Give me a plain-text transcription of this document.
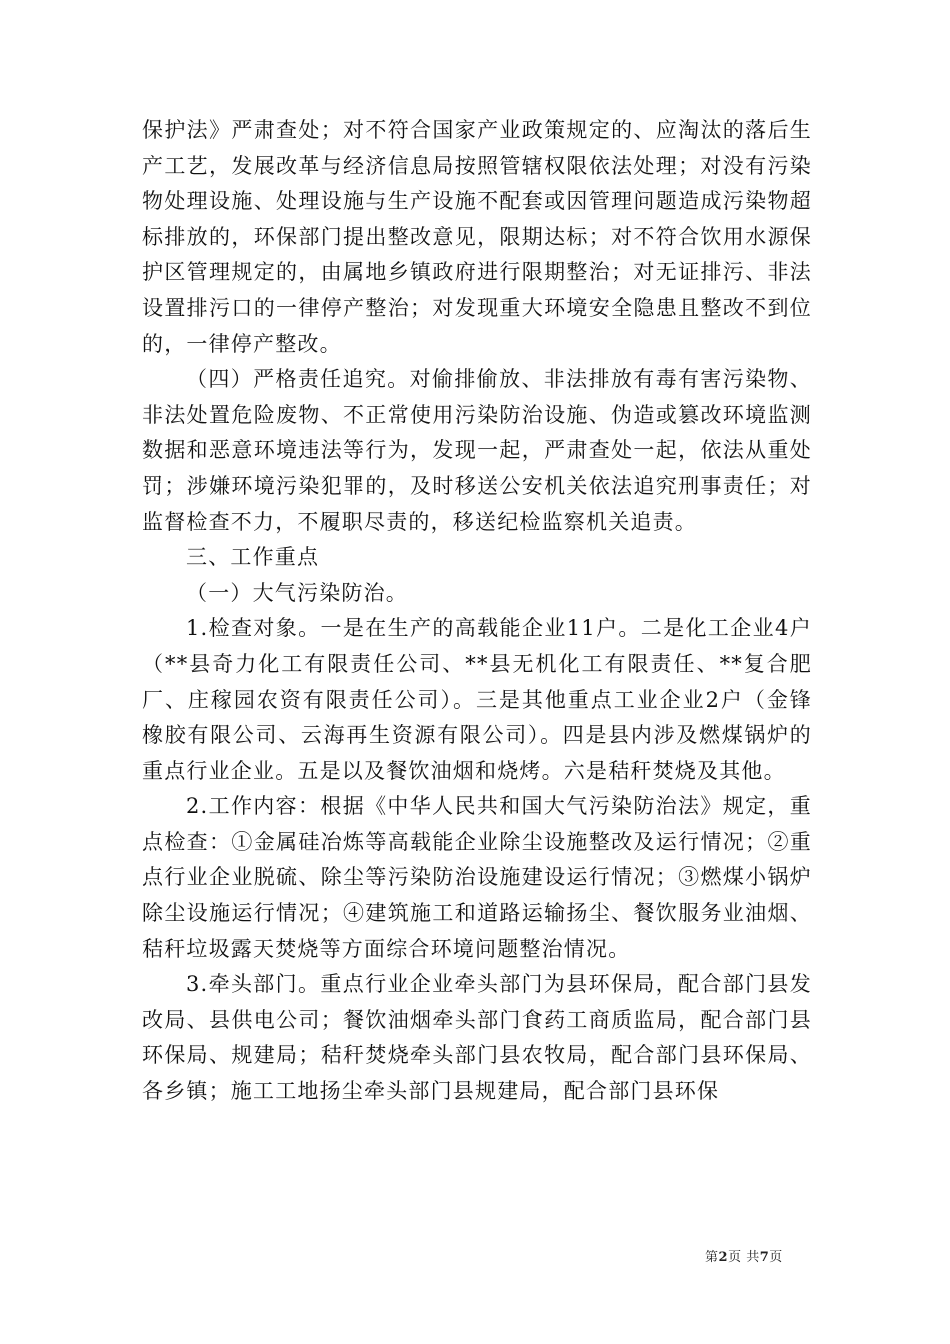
保护法》严肃查处；对不符合国家产业政策规定的、应淘汰的落后生产工艺，发展改革与经济信息局按照管辖权限依法处理；对没有污染物处理设施、处理设施与生产设施不配套或因管理问题造成污染物超标排放的，环保部门提出整改意见，限期达标；对不符合饮用水源保护区管理规定的，由属地乡镇政府进行限期整治；对无证排污、非法设置排污口的一律停产整治；对发现重大环境安全隐患且整改不到位的，一律停产整改。

（四）严格责任追究。对偷排偷放、非法排放有毒有害污染物、非法处置危险废物、不正常使用污染防治设施、伪造或篡改环境监测数据和恶意环境违法等行为，发现一起，严肃查处一起，依法从重处罚；涉嫌环境污染犯罪的，及时移送公安机关依法追究刑事责任；对监督检查不力，不履职尽责的，移送纪检监察机关追责。

三、工作重点

（一）大气污染防治。

1.检查对象。一是在生产的高载能企业11户。二是化工企业4户（**县奇力化工有限责任公司、**县无机化工有限责任、**复合肥厂、庄稼园农资有限责任公司）。三是其他重点工业企业2户（金锋橡胶有限公司、云海再生资源有限公司）。四是县内涉及燃煤锅炉的重点行业企业。五是以及餐饮油烟和烧烤。六是秸秆焚烧及其他。

2.工作内容：根据《中华人民共和国大气污染防治法》规定，重点检查：①金属硅冶炼等高载能企业除尘设施整改及运行情况；②重点行业企业脱硫、除尘等污染防治设施建设运行情况；③燃煤小锅炉除尘设施运行情况；④建筑施工和道路运输扬尘、餐饮服务业油烟、秸秆垃圾露天焚烧等方面综合环境问题整治情况。

3.牵头部门。重点行业企业牵头部门为县环保局，配合部门县发改局、县供电公司；餐饮油烟牵头部门食药工商质监局，配合部门县环保局、规建局；秸秆焚烧牵头部门县农牧局，配合部门县环保局、各乡镇；施工工地扬尘牵头部门县规建局，配合部门县环保

第2页 共7页
